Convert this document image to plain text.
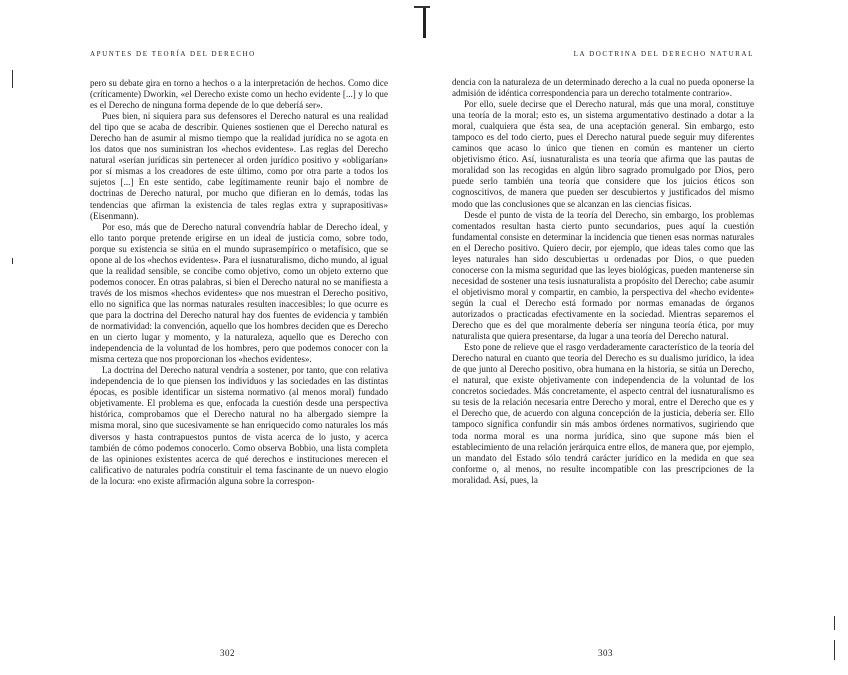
APUNTES DE TEORÍA DEL DERECHO

pero su debate gira en torno a hechos o a la interpretación de hechos. Como dice (críticamente) Dworkin, «el Derecho existe como un hecho evidente [...] y lo que es el Derecho de ninguna forma depende de lo que deberíá ser».

Pues bien, ni siquiera para sus defensores el Derecho natural es una realidad del tipo que se acaba de describir. Quienes sostienen que el Derecho natural es Derecho han de asumir al mismo tiempo que la realidad jurídica no se agota en los datos que nos suministran los «hechos evidentes». Las reglas del Derecho natural «serían jurídicas sin pertenecer al orden jurídico positivo y «obligarían» por sí mismas a los creadores de este último, como por otra parte a todos los sujetos [...] En este sentido, cabe legítimamente reunir bajo el nombre de doctrinas de Derecho natural, por mucho que difieran en lo demás, todas las tendencias que afirman la existencia de tales reglas extra y suprapositivas» (Eisenmann).

Por eso, más que de Derecho natural convendría hablar de Derecho ideal, y ello tanto porque pretende erigirse en un ideal de justicia como, sobre todo, porque su existencia se sitúa en el mundo suprasempírico o metafísico, que se opone al de los «hechos evidentes». Para el iusnaturalismo, dicho mundo, al igual que la realidad sensible, se concibe como objetivo, como un objeto externo que podemos conocer. En otras palabras, si bien el Derecho natural no se manifiesta a través de los mismos «hechos evidentes» que nos muestran el Derecho positivo, ello no significa que las normas naturales resulten inaccesibles; lo que ocurre es que para la doctrina del Derecho natural hay dos fuentes de evidencia y también de normatividad: la convención, aquello que los hombres deciden que es Derecho en un cierto lugar y momento, y la naturaleza, aquello que es Derecho con independencia de la voluntad de los hombres, pero que podemos conocer con la misma certeza que nos proporcionan los «hechos evidentes».

La doctrina del Derecho natural vendría a sostener, por tanto, que con relativa independencia de lo que piensen los individuos y las sociedades en las distintas épocas, es posible identificar un sistema normativo (al menos moral) fundado objetivamente. El problema es que, enfocada la cuestión desde una perspectiva histórica, comprobamos que el Derecho natural no ha albergado siempre la misma moral, sino que sucesivamente se han enriquecido como naturales los más diversos y hasta contrapuestos puntos de vista acerca de lo justo, y acerca también de cómo podemos conocerlo. Como observa Bobbio, una lista completa de las opiniones existentes acerca de qué derechos e instituciones merecen el calificativo de naturales podría constituir el tema fascinante de un nuevo elogio de la locura: «no existe afirmación alguna sobre la correspon-

302
LA DOCTRINA DEL DERECHO NATURAL

dencia con la naturaleza de un determinado derecho a la cual no pueda oponerse la admisión de idéntica correspondencia para un derecho totalmente contrario».

Por ello, suele decirse que el Derecho natural, más que una moral, constituye una teoría de la moral; esto es, un sistema argumentativo destinado a dotar a la moral, cualquiera que ésta sea, de una aceptación general. Sin embargo, esto tampoco es del todo cierto, pues el Derecho natural puede seguir muy diferentes caminos que acaso lo único que tienen en común es mantener un cierto objetivismo ético. Así, iusnaturalista es una teoría que afirma que las pautas de moralidad son las recogidas en algún libro sagrado promulgado por Dios, pero puede serlo también una teoría que considere que los juicios éticos son cognoscitivos, de manera que pueden ser descubiertos y justificados del mismo modo que las conclusiones que se alcanzan en las ciencias físicas.

Desde el punto de vista de la teoría del Derecho, sin embargo, los problemas comentados resultan hasta cierto punto secundarios, pues aquí la cuestión fundamental consiste en determinar la incidencia que tienen esas normas naturales en el Derecho positivo. Quiero decir, por ejemplo, que ideas tales como que las leyes naturales han sido descubiertas u ordenadas por Dios, o que pueden conocerse con la misma seguridad que las leyes biológicas, pueden mantenerse sin necesidad de sostener una tesis iusnaturalista a propósito del Derecho; cabe asumir el objetivismo moral y compartir, en cambio, la perspectiva del «hecho evidente» según la cual el Derecho está formado por normas emanadas de órganos autorizados o practicadas efectivamente en la sociedad. Mientras separemos el Derecho que es del que moralmente debería ser ninguna teoría ética, por muy naturalista que quiera presentarse, da lugar a una teoría del Derecho natural.

Esto pone de relieve que el rasgo verdaderamente característico de la teoría del Derecho natural en cuanto que teoría del Derecho es su dualismo jurídico, la idea de que junto al Derecho positivo, obra humana en la historia, se sitúa un Derecho, el natural, que existe objetivamente con independencia de la voluntad de los concretos sociedades. Más concretamente, el aspecto central del iusnaturalismo es su tesis de la relación necesaria entre Derecho y moral, entre el Derecho que es y el Derecho que, de acuerdo con alguna concepción de la justicia, debería ser. Ello tampoco significa confundir sin más ambos órdenes normativos, sugiriendo que toda norma moral es una norma jurídica, sino que supone más bien el establecimiento de una relación jerárquica entre ellos, de manera que, por ejemplo, un mandato del Estado sólo tendrá carácter jurídico en la medida en que sea conforme o, al menos, no resulte incompatible con las prescripciones de la moralidad. Así, pues, la

303
